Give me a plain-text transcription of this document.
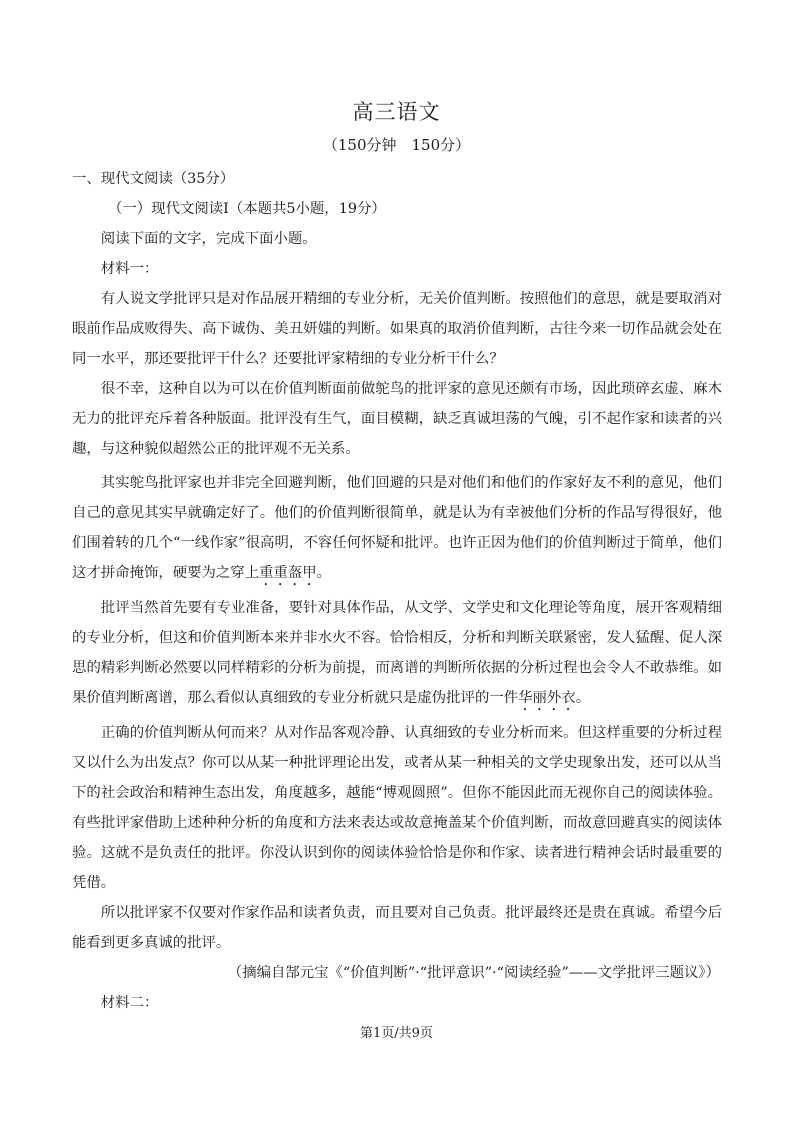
高三语文
（150分钟　150分）

一、现代文阅读（35分）

（一）现代文阅读Ⅰ（本题共5小题，19分）

阅读下面的文字，完成下面小题。

材料一：

有人说文学批评只是对作品展开精细的专业分析，无关价值判断。按照他们的意思，就是要取消对眼前作品成败得失、高下诚伪、美丑妍媸的判断。如果真的取消价值判断，古往今来一切作品就会处在同一水平，那还要批评干什么？还要批评家精细的专业分析干什么？

很不幸，这种自以为可以在价值判断面前做鸵鸟的批评家的意见还颇有市场，因此琐碎玄虚、麻木无力的批评充斥着各种版面。批评没有生气，面目模糊，缺乏真诚坦荡的气魄，引不起作家和读者的兴趣，与这种貌似超然公正的批评观不无关系。

其实鸵鸟批评家也并非完全回避判断，他们回避的只是对他们和他们的作家好友不利的意见，他们自己的意见其实早就确定好了。他们的价值判断很简单，就是认为有幸被他们分析的作品写得很好，他们围着转的几个“一线作家”很高明，不容任何怀疑和批评。也许正因为他们的价值判断过于简单，他们这才拼命掩饰，硬要为之穿上重重盔甲。

批评当然首先要有专业准备，要针对具体作品，从文学、文学史和文化理论等角度，展开客观精细的专业分析，但这和价值判断本来并非水火不容。恰恰相反，分析和判断关联紧密，发人猛醒、促人深思的精彩判断必然要以同样精彩的分析为前提，而离谱的判断所依据的分析过程也会令人不敢恭维。如果价值判断离谱，那么看似认真细致的专业分析就只是虚伪批评的一件华丽外衣。

正确的价值判断从何而来？从对作品客观冷静、认真细致的专业分析而来。但这样重要的分析过程又以什么为出发点？你可以从某一种批评理论出发，或者从某一种相关的文学史现象出发，还可以从当下的社会政治和精神生态出发，角度越多，越能“博观圆照”。但你不能因此而无视你自己的阅读体验。有些批评家借助上述种种分析的角度和方法来表达或故意掩盖某个价值判断，而故意回避真实的阅读体验。这就不是负责任的批评。你没认识到你的阅读体验恰恰是你和作家、读者进行精神会话时最重要的凭借。

所以批评家不仅要对作家作品和读者负责，而且要对自己负责。批评最终还是贵在真诚。希望今后能看到更多真诚的批评。

（摘编自郜元宝《“价值判断”·“批评意识”·“阅读经验”——文学批评三题议》）

材料二：

第1页/共9页
